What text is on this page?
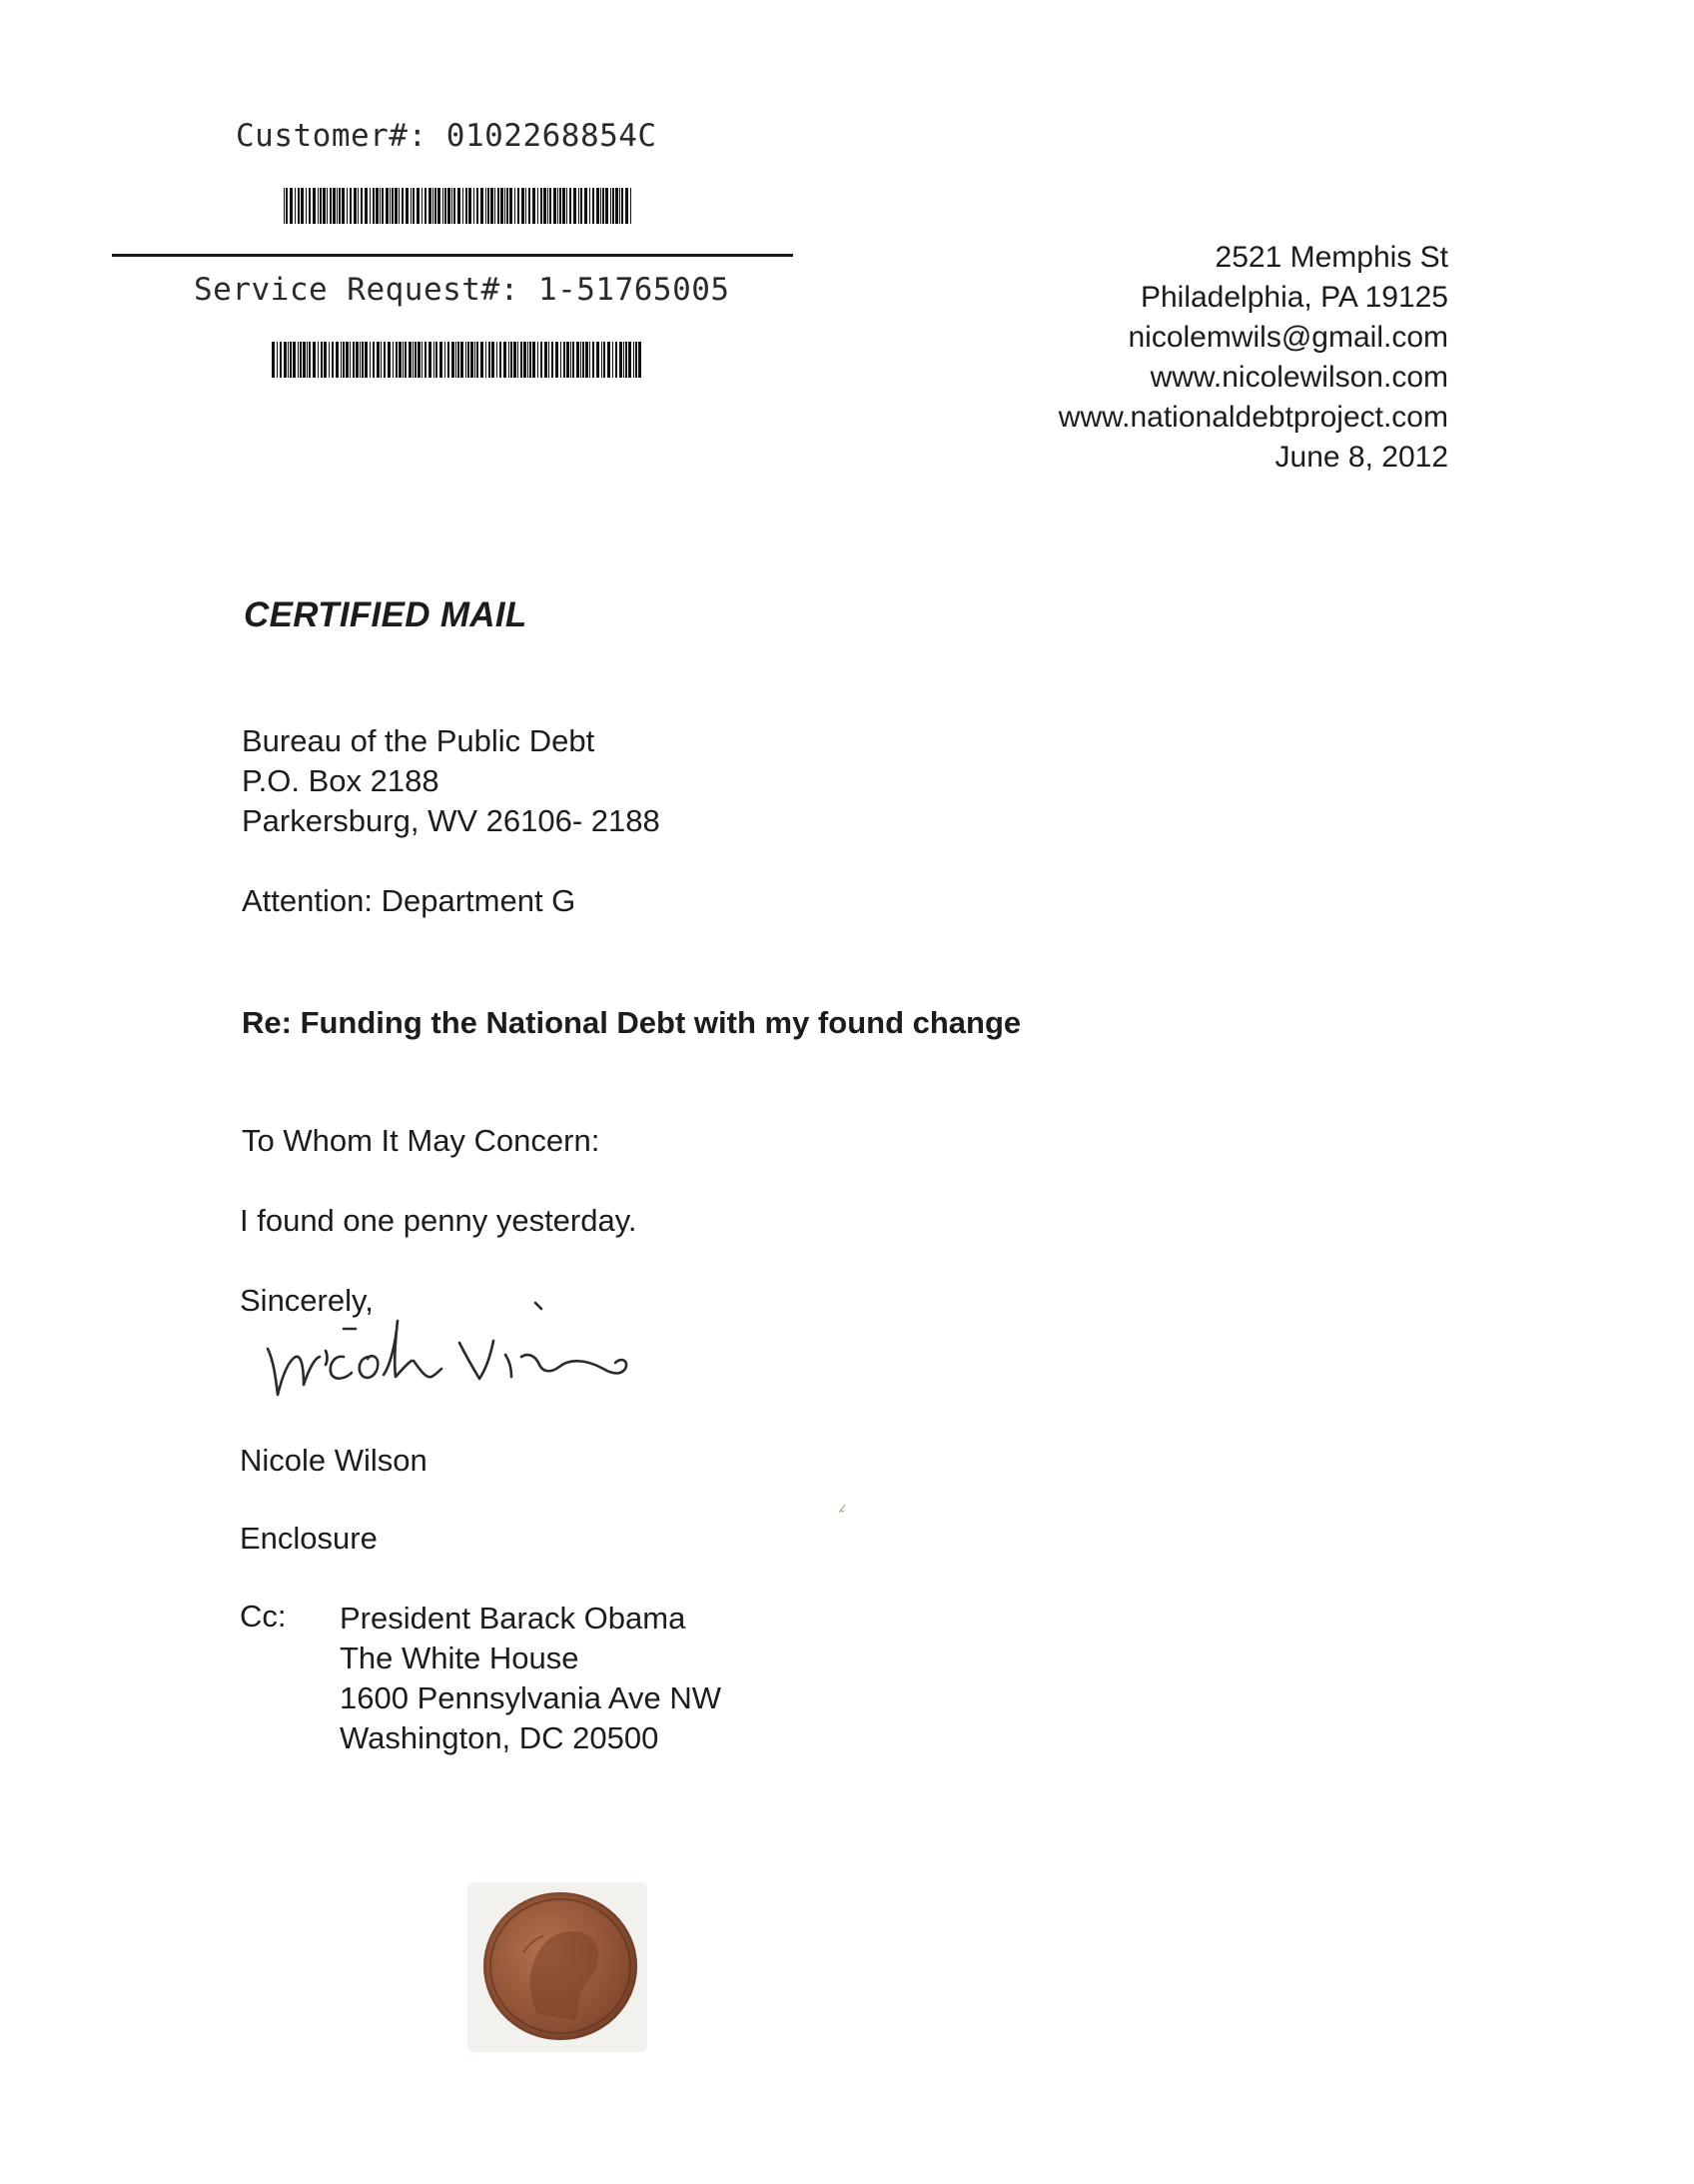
Customer#: 0102268854C
Service Request#: 1-51765005
2521 Memphis St
Philadelphia, PA 19125
nicolemwils@gmail.com
www.nicolewilson.com
www.nationaldebtproject.com
June 8, 2012
CERTIFIED MAIL
Bureau of the Public Debt
P.O. Box 2188
Parkersburg, WV 26106- 2188
Attention: Department G
Re: Funding the National Debt with my found change
To Whom It May Concern:
I found one penny yesterday.
Sincerely,
Nicole Wilson
Enclosure
Cc: President Barack Obama
The White House
1600 Pennsylvania Ave NW
Washington, DC 20500
